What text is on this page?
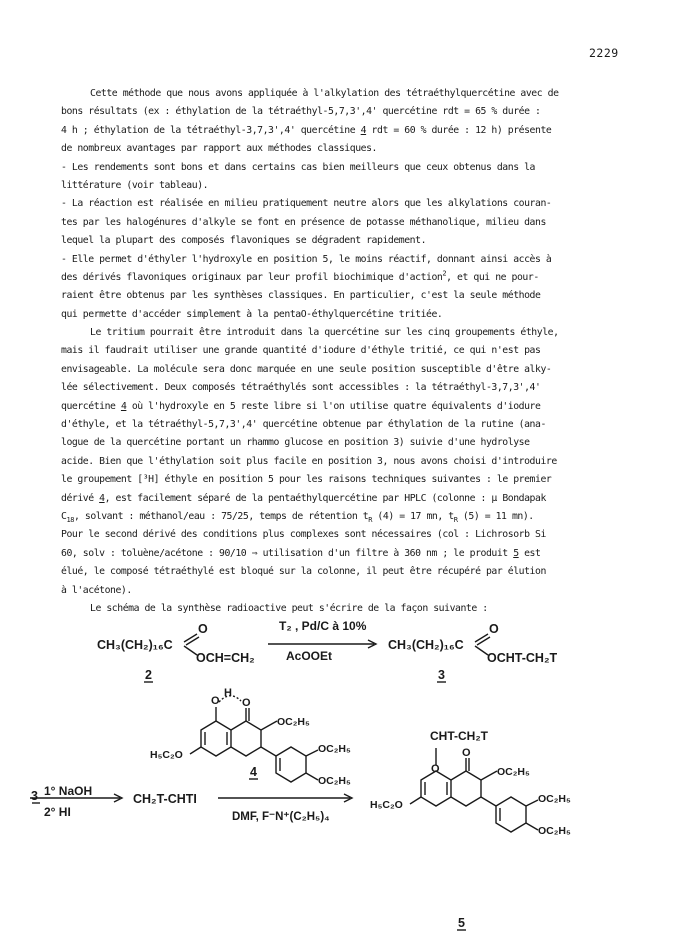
2229
Cette méthode que nous avons appliquée à l'alkylation des tétraéthylquercétine avec de
bons résultats (ex : éthylation de la tétraéthyl-5,7,3',4' quercétine rdt = 65 % durée :
4 h ; éthylation de la tétraéthyl-3,7,3',4' quercétine 4 rdt = 60 % durée : 12 h) présente
de nombreux avantages par rapport aux méthodes classiques.
- Les rendements sont bons et dans certains cas bien meilleurs que ceux obtenus dans la
littérature (voir tableau).
- La réaction est réalisée en milieu pratiquement neutre alors que les alkylations couran-
tes par les halogénures d'alkyle se font en présence de potasse méthanolique, milieu dans
lequel la plupart des composés flavoniques se dégradent rapidement.
- Elle permet d'éthyler l'hydroxyle en position 5, le moins réactif, donnant ainsi accès à
des dérivés flavoniques originaux par leur profil biochimique d'action$^2$, et qui ne pour-
raient être obtenus par les synthèses classiques. En particulier, c'est la seule méthode
qui permette d'accéder simplement à la pentaO-éthylquercétine tritiée.
Le tritium pourrait être introduit dans la quercétine sur les cinq groupements éthyle,
mais il faudrait utiliser une grande quantité d'iodure d'éthyle tritié, ce qui n'est pas
envisageable. La molécule sera donc marquée en une seule position susceptible d'être alky-
lée sélectivement. Deux composés tétraéthylés sont accessibles : la tétraéthyl-3,7,3',4'
quercétine 4 où l'hydroxyle en 5 reste libre si l'on utilise quatre équivalents d'iodure
d'éthyle, et la tétraéthyl-5,7,3',4' quercétine obtenue par éthylation de la rutine (ana-
logue de la quercétine portant un rhammo glucose en position 3) suivie d'une hydrolyse
acide. Bien que l'éthylation soit plus facile en position 3, nous avons choisi d'introduire
le groupement [³H] éthyle en position 5 pour les raisons techniques suivantes : le premier
dérivé 4, est facilement séparé de la pentaéthylquercétine par HPLC (colonne : μ Bondapak
$C_{18}$, solvant : méthanol/eau : 75/25, temps de rétention $t_R$ (4) = 17 mn, $t_R$ (5) = 11 mn).
Pour le second dérivé des conditions plus complexes sont nécessaires (col : Lichrosorb Si
60, solv : toluène/acétone : 90/10 ⇒ utilisation d'un filtre à 360 nm ; le produit 5 est
élué, le composé tétraéthylé est bloqué sur la colonne, il peut être récupéré par élution
à l'acétone).
Le schéma de la synthèse radioactive peut s'écrire de la façon suivante :
CH₃(CH₂)₁₆C
O
OCH=CH₂
2
T₂ , Pd/C à 10%
AcOOEt
CH₃(CH₂)₁₆C
O
OCHT-CH₂T
3
O
H
O
OC₂H₅
H₅C₂O	OC₂H₅
OC₂H₅
4
3 1° NaOH
2° HI
CH₂T-CHTI
DMF, F⁻N⁺(C₂H₅)₄
CHT-CH₂T
O
O
OC₂H₅
H₅C₂O	OC₂H₅
OC₂H₅
5
